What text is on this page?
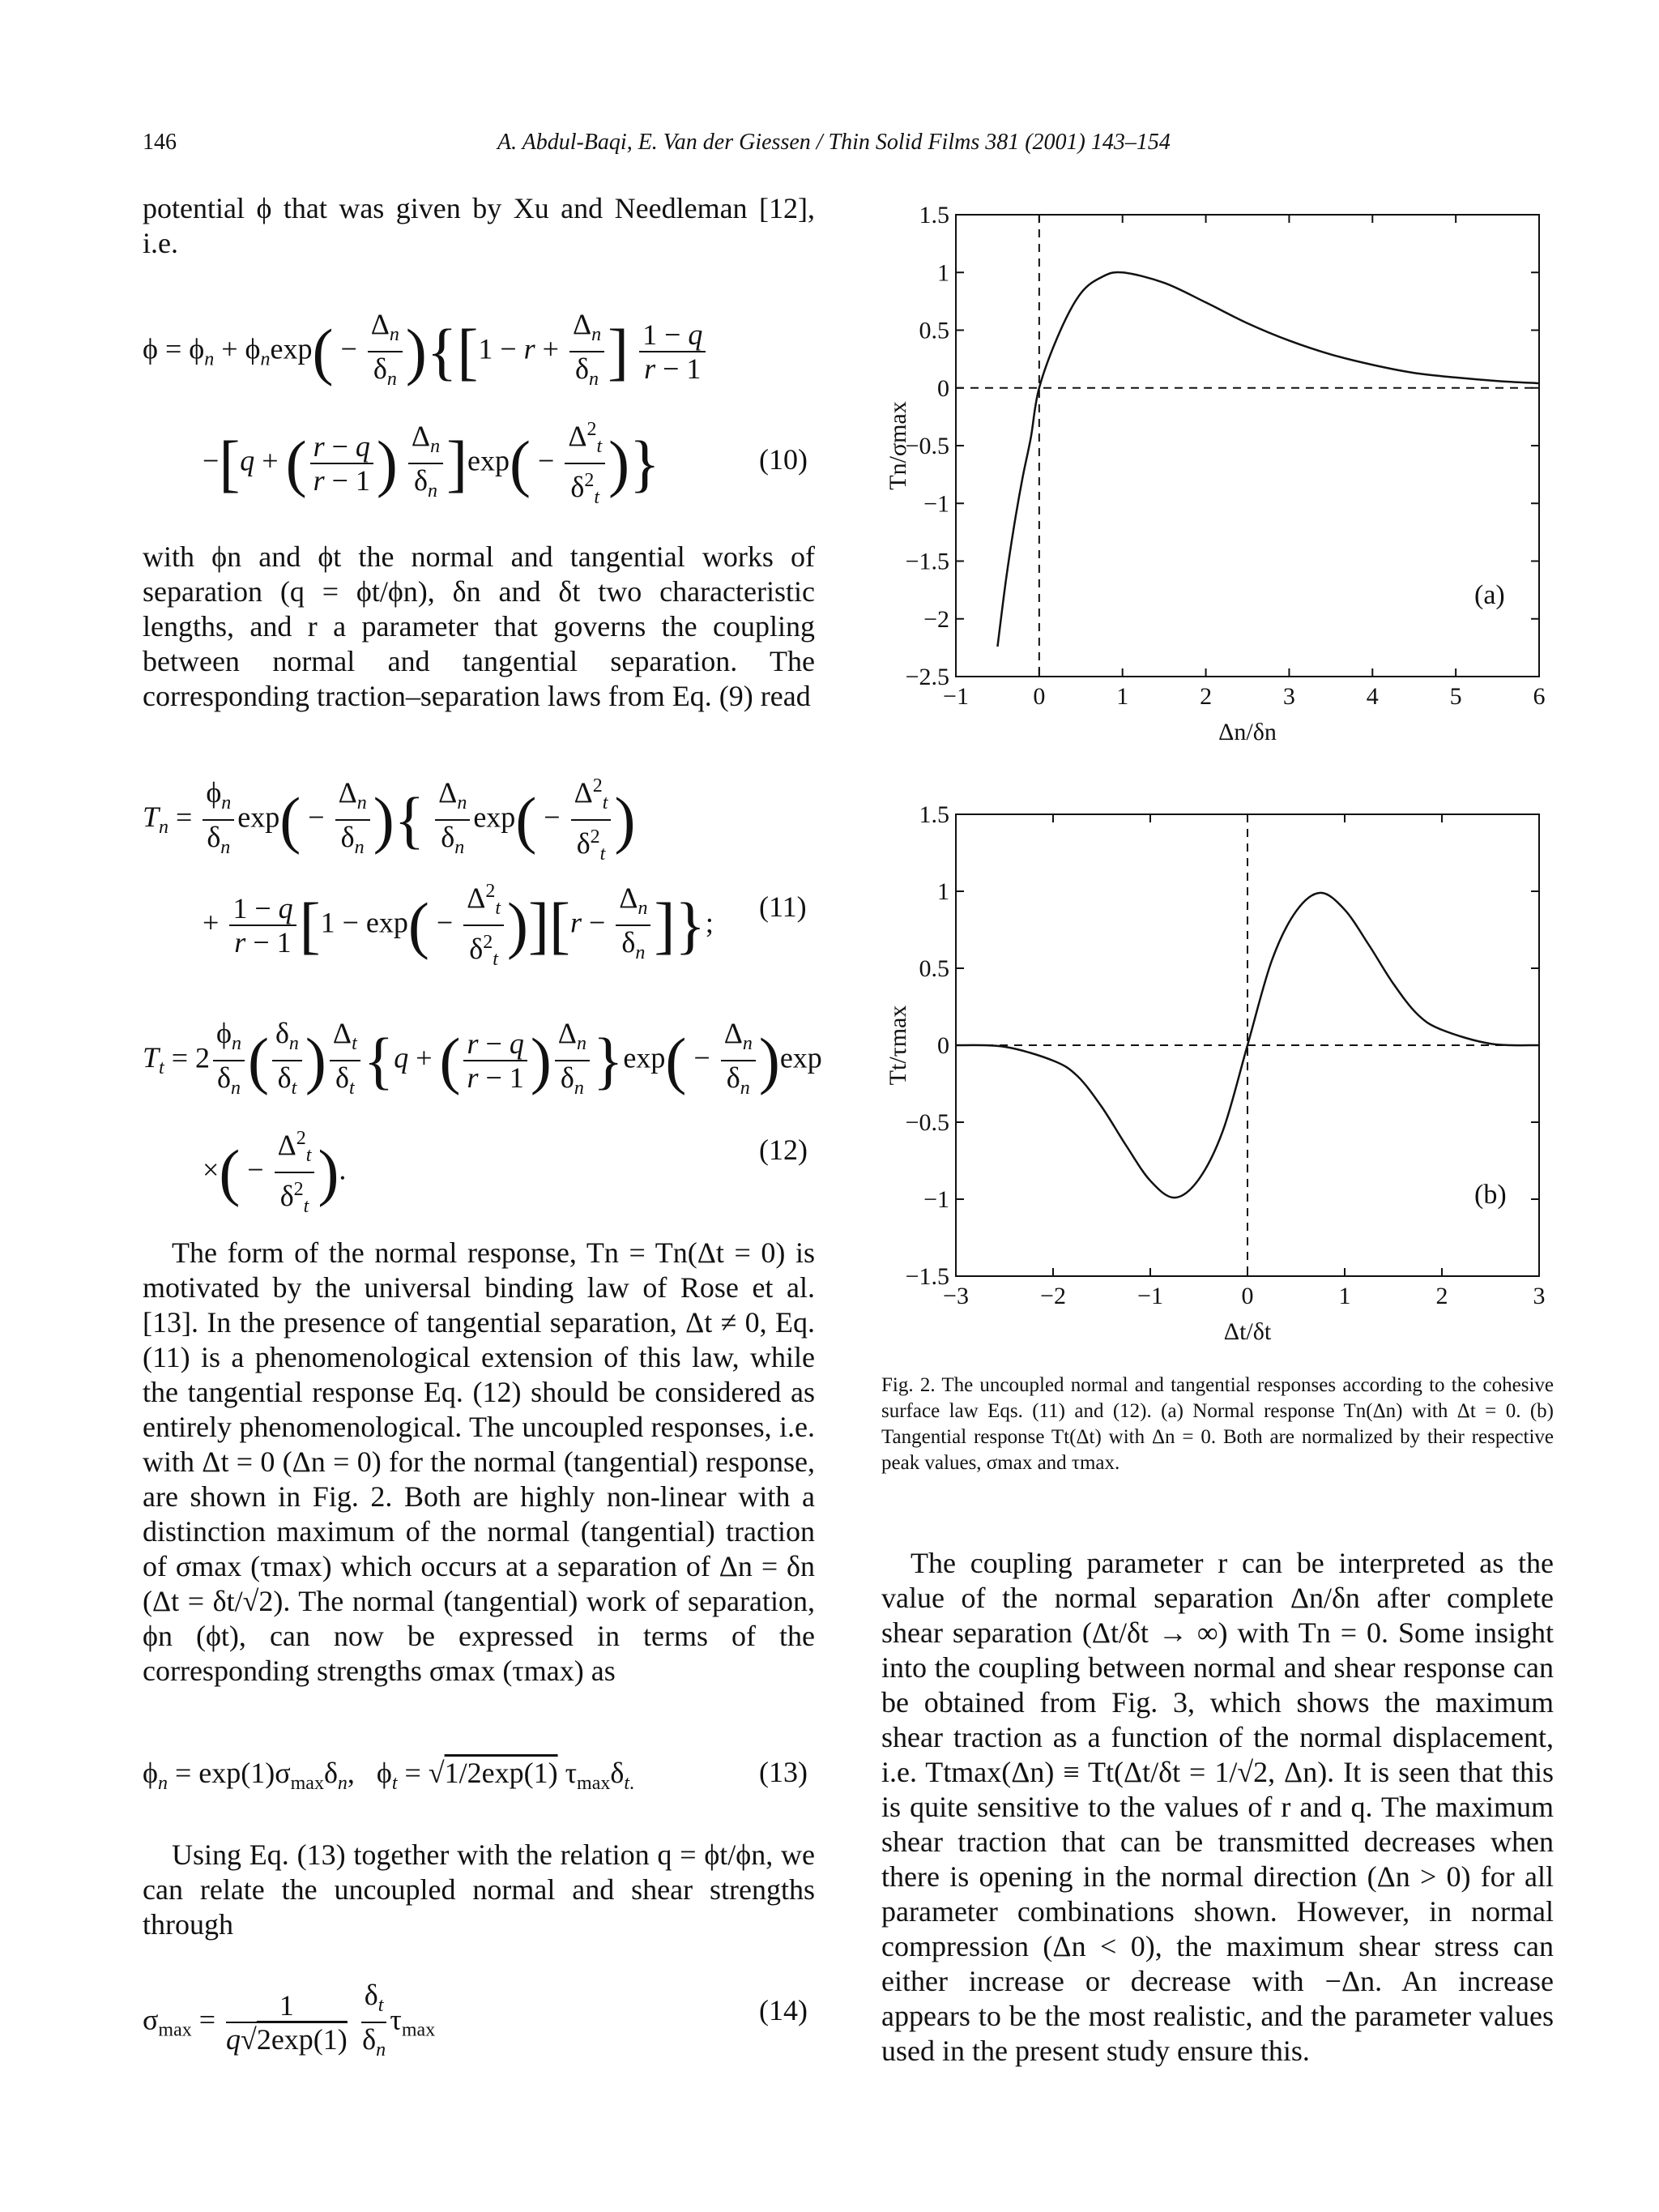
146	A. Abdul-Baqi, E. Van der Giessen / Thin Solid Films 381 (2001) 143–154

potential ϕ that was given by Xu and Needleman [12], i.e.

$\phi = \phi_n + \phi_n\exp( - \frac{\Delta_n}{\delta_n} )\{[1 - r + \frac{\Delta_n}{\delta_n}$ ] $\frac{1 - q}{r - 1}$
−[q + ( $\frac{r - q}{r - 1}$ ) $\frac{\Delta_n}{\delta_n} ]\exp( - \frac{\Delta^2_t}{\delta^2_t}$ )}	(10)

with ϕn and ϕt the normal and tangential works of separation (q = ϕt/ϕn), δn and δt two characteristic lengths, and r a parameter that governs the coupling between normal and tangential separation. The corresponding traction–separation laws from Eq. (9) read

$T_n = \frac{\phi_n}{\delta_n} \exp( - \frac{\Delta_n}{\delta_n}$ ){ $\frac{\Delta_n}{\delta_n} \exp( - \frac{\Delta^2_t}{\delta^2_t}$ )
+ $\frac{1 - q}{r - 1} [1 - \exp( - \frac{\Delta^2_t}{\delta^2_t} )][r - \frac{\Delta_n}{\delta_n}$ ]}; (11)
$T_t = 2 \frac{\phi_n}{\delta_n}$ ( $\frac{\delta_n}{\delta_t}$ ) $\frac{\Delta_t}{\delta_t} \{q$ + ( $\frac{r - q}{r - 1}$ ) $\frac{\Delta_n}{\delta_n} \}\exp( - \frac{\Delta_n}{\delta_n} )\exp$
×( − $\frac{\Delta^2_t}{\delta^2_t}$ ).
(12)

The form of the normal response, Tn = Tn(Δt = 0) is motivated by the universal binding law of Rose et al. [13]. In the presence of tangential separation, Δt ≠ 0, Eq. (11) is a phenomenological extension of this law, while the tangential response Eq. (12) should be considered as entirely phenomenological. The uncoupled responses, i.e. with Δt = 0 (Δn = 0) for the normal (tangential) response, are shown in Fig. 2. Both are highly non-linear with a distinction maximum of the normal (tangential) traction of σmax (τmax) which occurs at a separation of Δn = δn (Δt = δt/√2). The normal (tangential) work of separation, ϕn (ϕt), can now be expressed in terms of the corresponding strengths σmax (τmax) as

$\phi_n = \exp(1)\sigma_{max}\delta_n$,   $\phi_t = √1/2\exp(1)$ $\tau_{max}\delta_{t.}$	(13)

Using Eq. (13) together with the relation q = ϕt/ϕn, we can relate the uncoupled normal and shear strengths through

$\sigma_{max} = \frac{1}{q√2\exp(1)}$
$\frac{\delta_t}{\delta_n} \tau_{max}$
(14)
−1	0	1	2	3	4	5	6
−2.5
−2
−1.5
−1
−0.5
0
0.5
1
1.5
(a)
Δn/δn
Tn/σmax
−3	−2	−1	0	1	2	3
−1.5
−1
−0.5
0
0.5
1
1.5
(b)
Δt/δt
Tt/τmax
Fig. 2. The uncoupled normal and tangential responses according to the cohesive surface law Eqs. (11) and (12). (a) Normal response Tn(Δn) with Δt = 0. (b) Tangential response Tt(Δt) with Δn = 0. Both are normalized by their respective peak values, σmax and τmax.

The coupling parameter r can be interpreted as the value of the normal separation Δn/δn after complete shear separation (Δt/δt → ∞) with Tn = 0. Some insight into the coupling between normal and shear response can be obtained from Fig. 3, which shows the maximum shear traction as a function of the normal displacement, i.e. Ttmax(Δn) ≡ Tt(Δt/δt = 1/√2, Δn). It is seen that this is quite sensitive to the values of r and q. The maximum shear traction that can be transmitted decreases when there is opening in the normal direction (Δn > 0) for all parameter combinations shown. However, in normal compression (Δn < 0), the maximum shear stress can either increase or decrease with −Δn. An increase appears to be the most realistic, and the parameter values used in the present study ensure this.
